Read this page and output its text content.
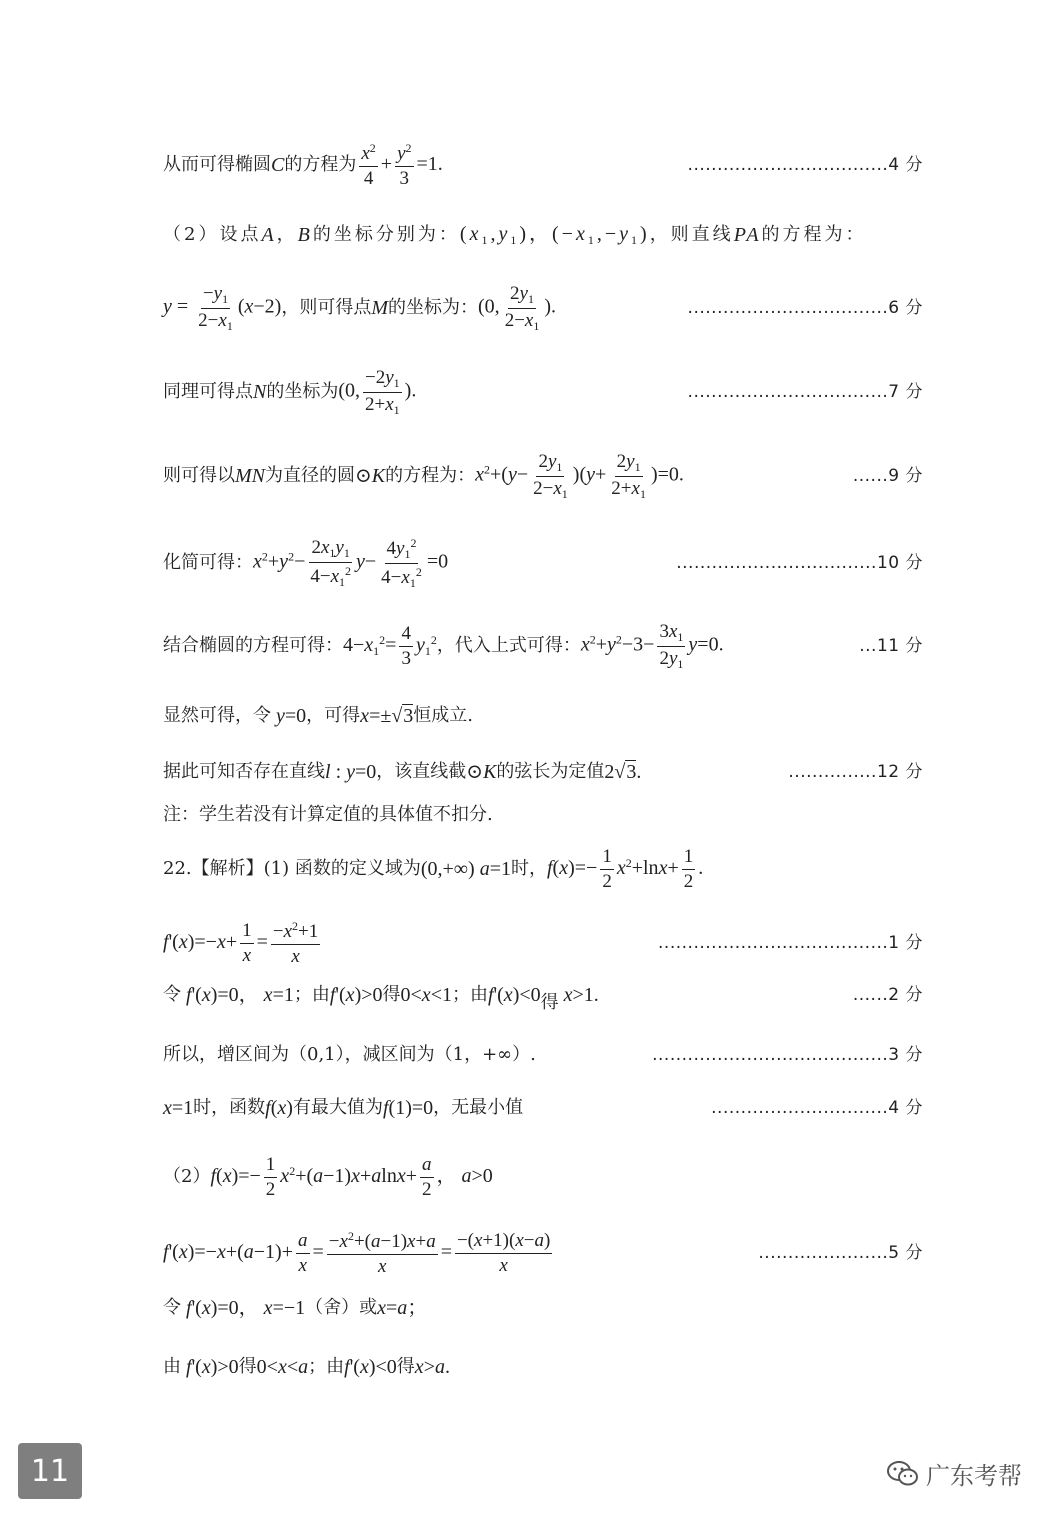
从而可得椭圆 C 的方程为 $\frac{x^2}{4} + \frac{y^2}{3} =1$.	..................................4 分
（2）设点 A ， B 的坐标分别为： $(x_1,y_1)$，$(-x_1,-y_1)$ ，则直线 PA 的方程为：
$y = \frac{-y_1}{2-x_1} (x-2)$ ，则可得点 M 的坐标为： (0, $\frac{2y_1}{2-x_1}$ ).	..................................6 分
同理可得点 N 的坐标为 (0, $\frac{-2y_1}{2+x_1}$ ).	..................................7 分
则可得以 MN 为直径的圆 ⊙K 的方程为： $x^2+(y- \frac{2y_1}{2-x_1} )(y+ \frac{2y_1}{2+x_1} )=0$.	......9 分
化简可得： $x^2+y^2- \frac{2x_1y_1}{4-x_1^2} y- \frac{4y_1^2}{4-x_1^2} =0$	..................................10 分
结合椭圆的方程可得： $4-x_1^2= \frac{4}{3} y_1^2$ ，代入上式可得： $x^2+y^2-3- \frac{3x_1}{2y_1} y=0$.	...11 分
显然可得，令 y=0 ，可得 x=±√3 恒成立.
据此可知否存在直线 l : y=0 ，该直线截 ⊙K 的弦长为定值 2√3.	...............12 分
注：学生若没有计算定值的具体值不扣分.
22.【解析】(1) 函数的定义域为 (0,+∞) a=1 时， $f(x)=- \frac{1}{2} x^2+\ln x+ \frac{1}{2}$ .
$f'(x)=-x+ \frac{1}{x} = \frac{-x^2+1}{x}$	.......................................1 分
令 f'(x)=0， x=1 ；由 f'(x)>0 得 0<x<1 ；由 f'(x)<0 得 x>1.	......2 分
所以，增区间为（0,1），减区间为（1，+∞）.	........................................3 分
x=1 时，函数 f(x) 有最大值为 f(1)=0 ，无最小值	..............................4 分
（2） $f(x)=- \frac{1}{2} x^2+(a-1)x+alnx+ \frac{a}{2}$ ， a>0
$f'(x)=-x+(a-1)+ \frac{a}{x} = \frac{-x^2+(a-1)x+a}{x} = \frac{-(x+1)(x-a)}{x}$	......................5 分
令 f'(x)=0， x=−1 （舍）或 x=a；
由 f'(x)>0 得 0<x<a ；由 f'(x)<0 得 x>a.
11	广东考帮
